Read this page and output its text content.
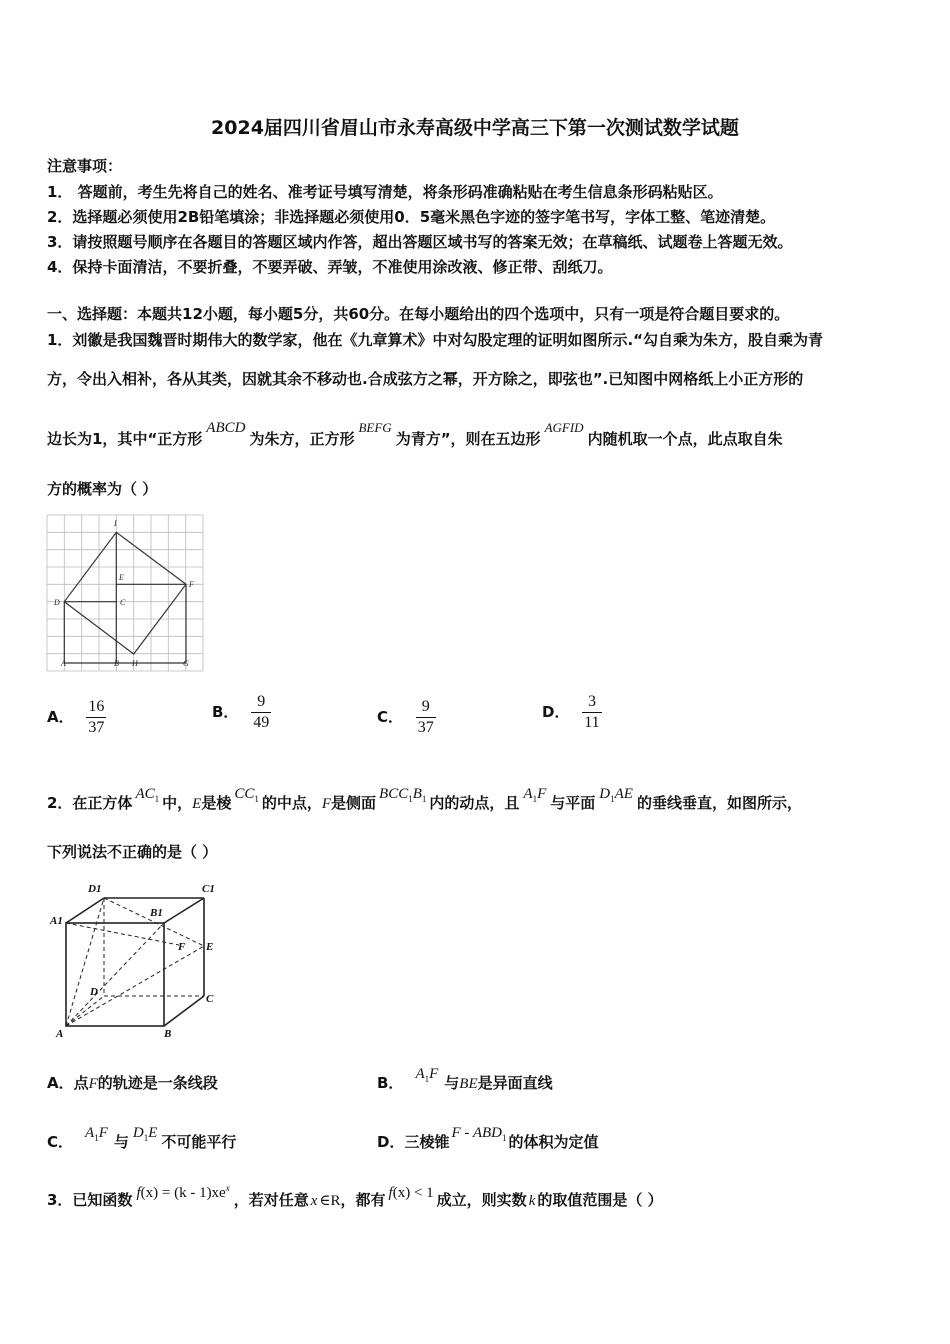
2024届四川省眉山市永寿高级中学高三下第一次测试数学试题
注意事项：
1． 答题前，考生先将自己的姓名、准考证号填写清楚，将条形码准确粘贴在考生信息条形码粘贴区。
2．选择题必须使用2B铅笔填涂；非选择题必须使用0．5毫米黑色字迹的签字笔书写，字体工整、笔迹清楚。
3．请按照题号顺序在各题目的答题区域内作答，超出答题区域书写的答案无效；在草稿纸、试题卷上答题无效。
4．保持卡面清洁，不要折叠，不要弄破、弄皱，不准使用涂改液、修正带、刮纸刀。
一、选择题：本题共12小题，每小题5分，共60分。在每小题给出的四个选项中，只有一项是符合题目要求的。
1．刘徽是我国魏晋时期伟大的数学家，他在《九章算术》中对勾股定理的证明如图所示.“勾自乘为朱方，股自乘为青
方，令出入相补，各从其类，因就其余不移动也.合成弦方之幂，开方除之，即弦也”.已知图中网格纸上小正方形的
边长为1，其中“正方形ABCD为朱方，正方形BEFG为青方”，则在五边形AGFID内随机取一个点，此点取自朱
方的概率为（ ）
I
E
F
D	C
A	B H	G
A． $\frac{16}{37}$	B． $\frac{9}{49}$	C． $\frac{9}{37}$	D． $\frac{3}{11}$
2．在正方体 $AC_1$ 中，E是棱 $CC_1$ 的中点，F是侧面 $BCC_1B_1$ 内的动点，且 $A_1F$ 与平面 $D_1AE$ 的垂线垂直，如图所示，
下列说法不正确的是（ ）
D1	C1
A1
B1
F E
D
C
A	B
A．点F的轨迹是一条线段	B． $A_1F$ 与BE是异面直线
C． $A_1F$ 与 $D_1E$ 不可能平行	D．三棱锥 F - $ABD_1$ 的体积为定值
3．已知函数 $f(x) = (k - 1)xe^x$，若对任意 x ∈R，都有 f(x) < 1 成立，则实数 k 的取值范围是（ ）
